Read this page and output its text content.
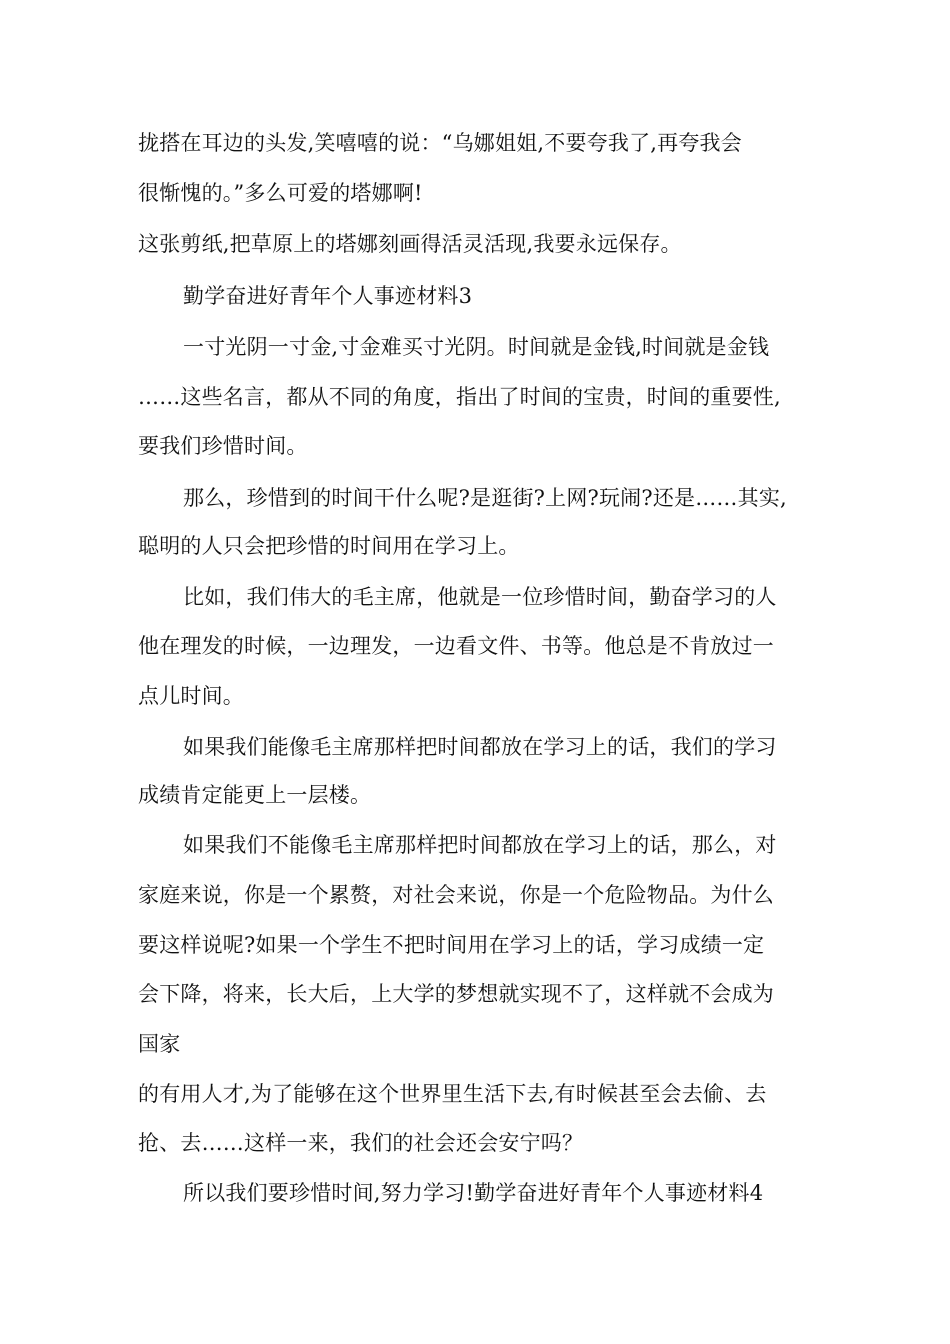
拢搭在耳边的头发,笑嘻嘻的说：“乌娜姐姐,不要夸我了,再夸我会
很惭愧的。”多么可爱的塔娜啊!
这张剪纸,把草原上的塔娜刻画得活灵活现,我要永远保存。
勤学奋进好青年个人事迹材料3
一寸光阴一寸金,寸金难买寸光阴。时间就是金钱,时间就是金钱
……这些名言，都从不同的角度，指出了时间的宝贵，时间的重要性,
要我们珍惜时间。
那么，珍惜到的时间干什么呢?是逛街?上网?玩闹?还是……其实,
聪明的人只会把珍惜的时间用在学习上。
比如，我们伟大的毛主席，他就是一位珍惜时间，勤奋学习的人
他在理发的时候，一边理发，一边看文件、书等。他总是不肯放过一
点儿时间。
如果我们能像毛主席那样把时间都放在学习上的话，我们的学习
成绩肯定能更上一层楼。
如果我们不能像毛主席那样把时间都放在学习上的话，那么，对
家庭来说，你是一个累赘，对社会来说，你是一个危险物品。为什么
要这样说呢?如果一个学生不把时间用在学习上的话，学习成绩一定
会下降，将来，长大后，上大学的梦想就实现不了，这样就不会成为
国家
的有用人才,为了能够在这个世界里生活下去,有时候甚至会去偷、去
抢、去……这样一来，我们的社会还会安宁吗？
所以我们要珍惜时间,努力学习!勤学奋进好青年个人事迹材料4
